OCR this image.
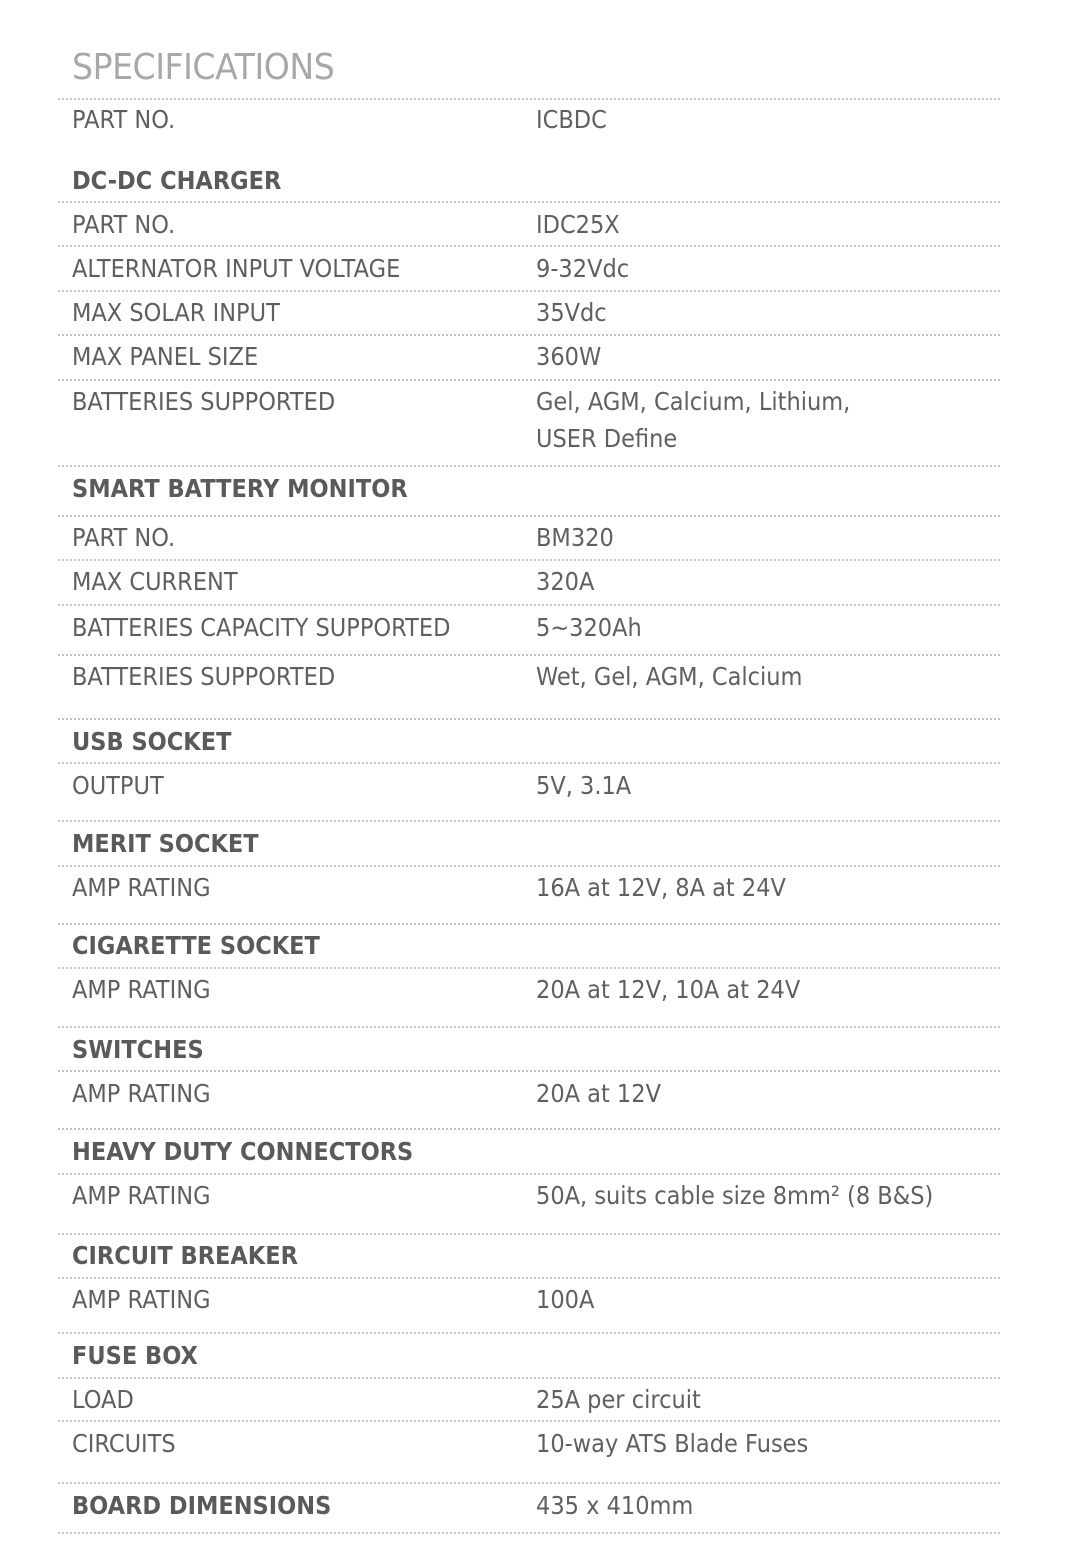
SPECIFICATIONS
PART NO.	ICBDC
DC-DC CHARGER
PART NO.	IDC25X
ALTERNATOR INPUT VOLTAGE	9-32Vdc
MAX SOLAR INPUT	35Vdc
MAX PANEL SIZE	360W
BATTERIES SUPPORTED	Gel, AGM, Calcium, Lithium,
USER Define
SMART BATTERY MONITOR
PART NO.	BM320
MAX CURRENT	320A
BATTERIES CAPACITY SUPPORTED	5~320Ah
BATTERIES SUPPORTED	Wet, Gel, AGM, Calcium
USB SOCKET
OUTPUT	5V, 3.1A
MERIT SOCKET
AMP RATING	16A at 12V, 8A at 24V
CIGARETTE SOCKET
AMP RATING	20A at 12V, 10A at 24V
SWITCHES
AMP RATING	20A at 12V
HEAVY DUTY CONNECTORS
AMP RATING	50A, suits cable size 8mm² (8 B&S)
CIRCUIT BREAKER
AMP RATING	100A
FUSE BOX
LOAD	25A per circuit
CIRCUITS	10-way ATS Blade Fuses
BOARD DIMENSIONS	435 x 410mm
